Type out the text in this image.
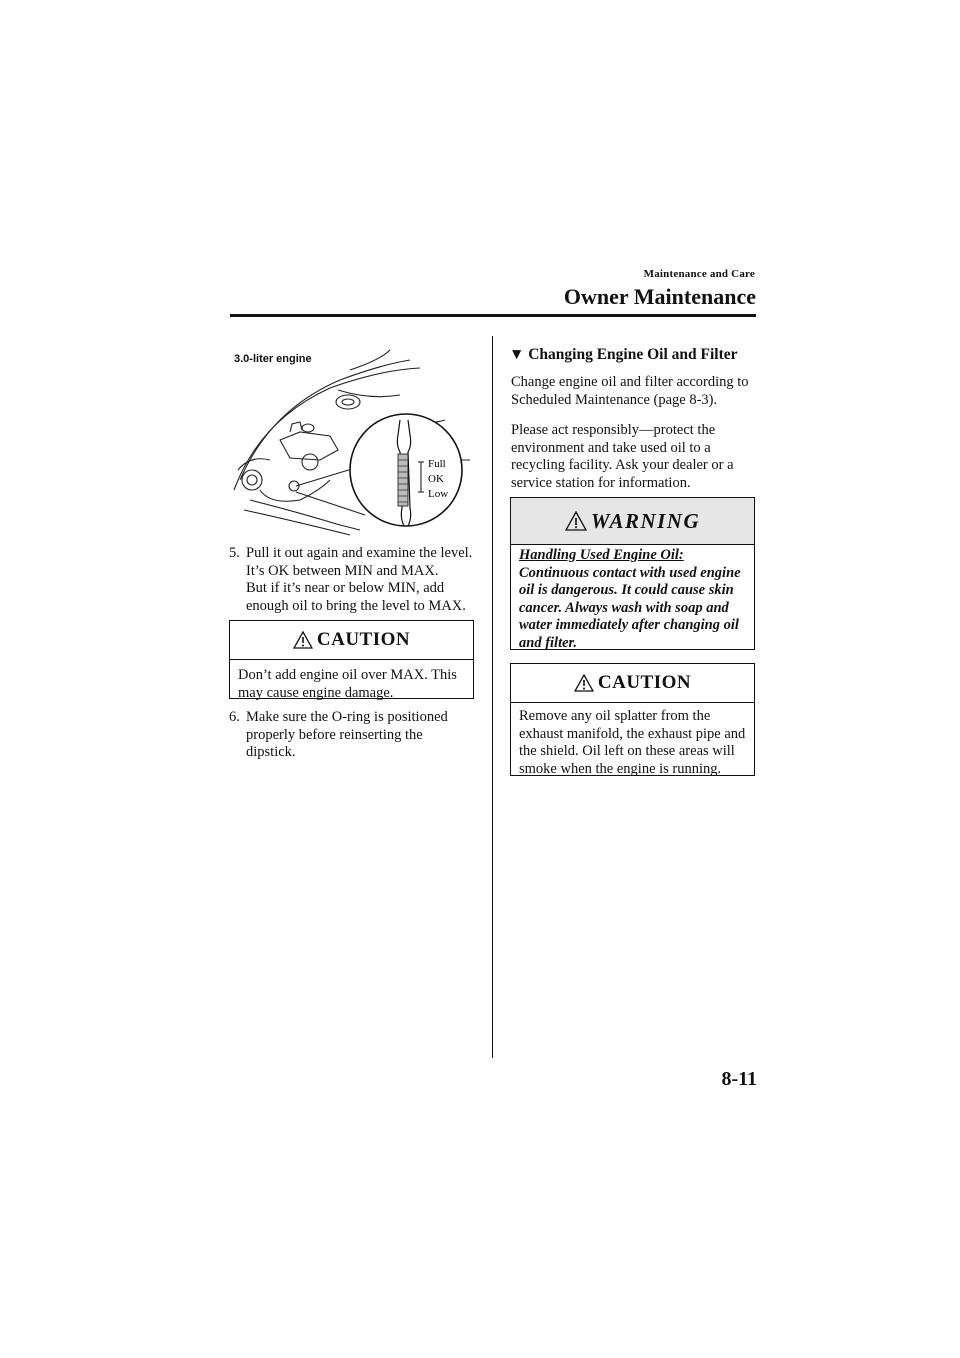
Maintenance and Care
Owner Maintenance
Full
OK
Low
3.0-liter engine
5. Pull it out again and examine the level.
It’s OK between MIN and MAX.
But if it’s near or below MIN, add
enough oil to bring the level to MAX.
CAUTION
Don’t add engine oil over MAX. This
may cause engine damage.
6. Make sure the O-ring is positioned
properly before reinserting the
dipstick.
▼ Changing Engine Oil and Filter
Change engine oil and filter according to
Scheduled Maintenance (page 8-3).
Please act responsibly—protect the
environment and take used oil to a
recycling facility. Ask your dealer or a
service station for information.
WARNING
Handling Used Engine Oil:
Continuous contact with used engine
oil is dangerous. It could cause skin
cancer. Always wash with soap and
water immediately after changing oil
and filter.
CAUTION
Remove any oil splatter from the
exhaust manifold, the exhaust pipe and
the shield. Oil left on these areas will
smoke when the engine is running.
8-11
